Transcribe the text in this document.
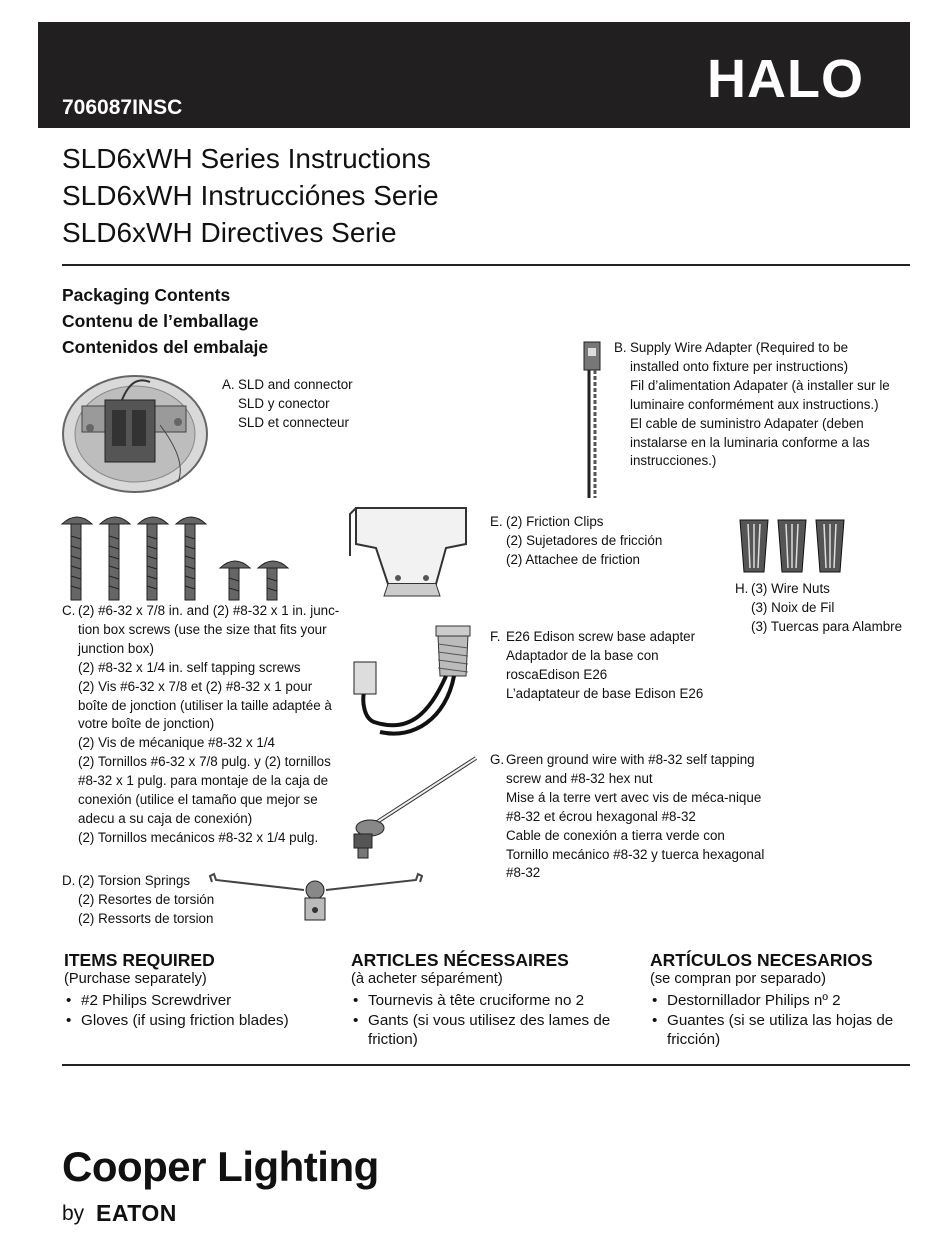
706087INSC	HALO
SLD6xWH Series Instructions
SLD6xWH Instrucciónes Serie
SLD6xWH Directives Serie
Packaging Contents
Contenu de l’emballage
Contenidos del embalaje
A. SLD and connector
SLD y conector
SLD et connecteur
B. Supply Wire Adapter (Required to be
installed onto fixture per instructions)
Fil d’alimentation Adapater (à installer sur le
luminaire conformément aux instructions.)
El cable de suministro Adapater (deben
instalarse en la luminaria conforme a las
instrucciones.)
C. (2) #6-32 x 7/8 in. and (2) #8-32 x 1 in. junc-
tion box screws (use the size that fits your
junction box)
(2) #8-32 x 1/4 in. self tapping screws
(2) Vis #6-32 x 7/8 et (2) #8-32 x 1 pour
boîte de jonction (utiliser la taille adaptée à
votre boîte de jonction)
(2) Vis de mécanique #8-32 x 1/4
(2) Tornillos #6-32 x 7/8 pulg. y (2) tornillos
#8-32 x 1 pulg. para montaje de la caja de
conexión (utilice el tamaño que mejor se
adecu a su caja de conexión)
(2) Tornillos mecánicos #8-32 x 1/4 pulg.
D. (2) Torsion Springs
(2) Resortes de torsión
(2) Ressorts de torsion
E. (2) Friction Clips
(2) Sujetadores de fricción
(2) Attachee de friction
H. (3) Wire Nuts
(3) Noix de Fil
(3) Tuercas para Alambre
F. E26 Edison screw base adapter
Adaptador de la base con
roscaEdison E26
L’adaptateur de base Edison E26
G. Green ground wire with #8-32 self tapping
screw and #8-32 hex nut
Mise á la terre vert avec vis de méca-nique
#8-32 et écrou hexagonal #8-32
Cable de conexión a tierra verde con
Tornillo mecánico #8-32 y tuerca hexagonal
#8-32
ITEMS REQUIRED
(Purchase separately)
• #2 Philips Screwdriver
• Gloves (if using friction blades)
ARTICLES NÉCESSAIRES
(à acheter séparément)
• Tournevis à tête cruciforme no 2
• Gants (si vous utilisez des lames de friction)
ARTÍCULOS NECESARIOS
(se compran por separado)
• Destornillador Philips nº 2
• Guantes (si se utiliza las hojas de fricción)
Cooper Lighting
by EATON
